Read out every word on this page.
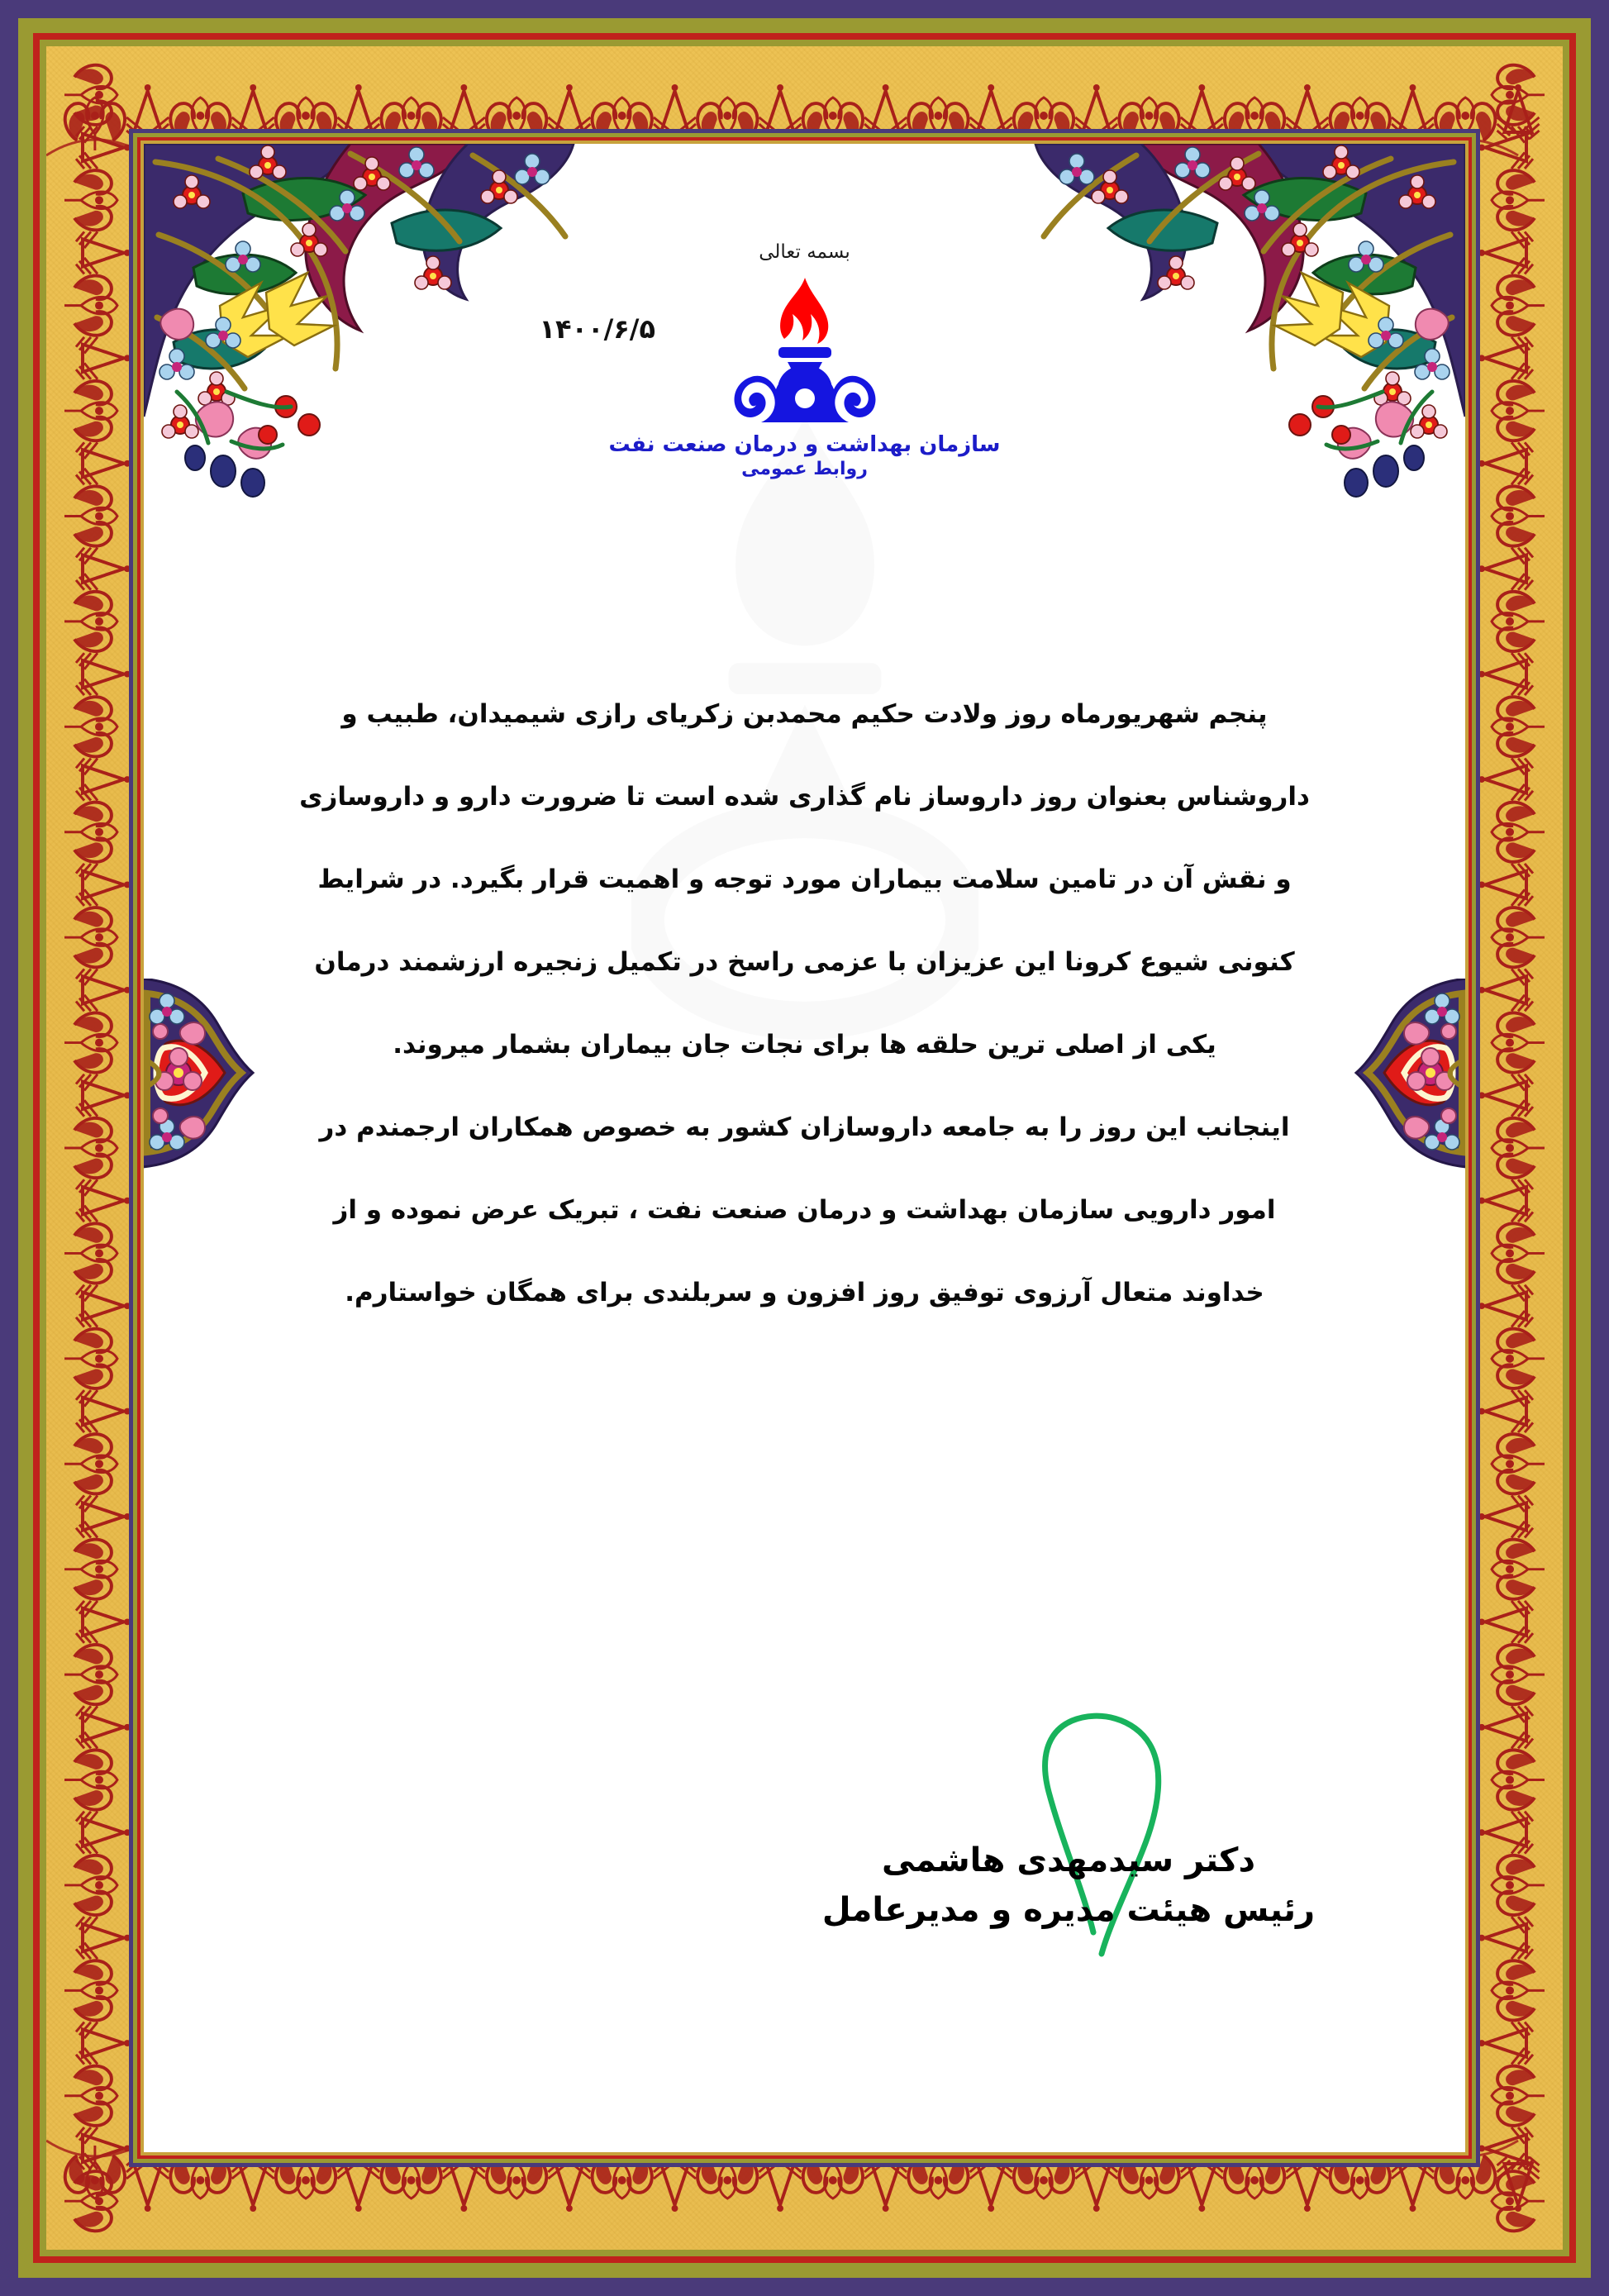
بسمه تعالی
سازمان بهداشت و درمان صنعت نفت
روابط عمومی
۱۴۰۰/۶/۵
پنجم شهریورماه روز ولادت حکیم محمدبن زکریای رازی شیمیدان، طبیب و
داروشناس بعنوان روز داروساز نام گذاری شده است تا ضرورت دارو و داروسازی
و نقش آن در تامین سلامت بیماران مورد توجه و اهمیت قرار بگیرد. در شرایط
کنونی شیوع کرونا این عزیزان با عزمی راسخ در تکمیل زنجیره ارزشمند درمان
یکی از اصلی ترین حلقه ها برای نجات جان بیماران بشمار میروند.
اینجانب این روز را به جامعه داروسازان کشور به خصوص همکاران ارجمندم در
امور دارویی سازمان بهداشت و درمان صنعت نفت ، تبریک عرض نموده و از
خداوند متعال آرزوی توفیق روز افزون و سربلندی برای همگان خواستارم.
دکتر سیدمهدی هاشمی
رئیس هیئت مدیره و مدیرعامل
